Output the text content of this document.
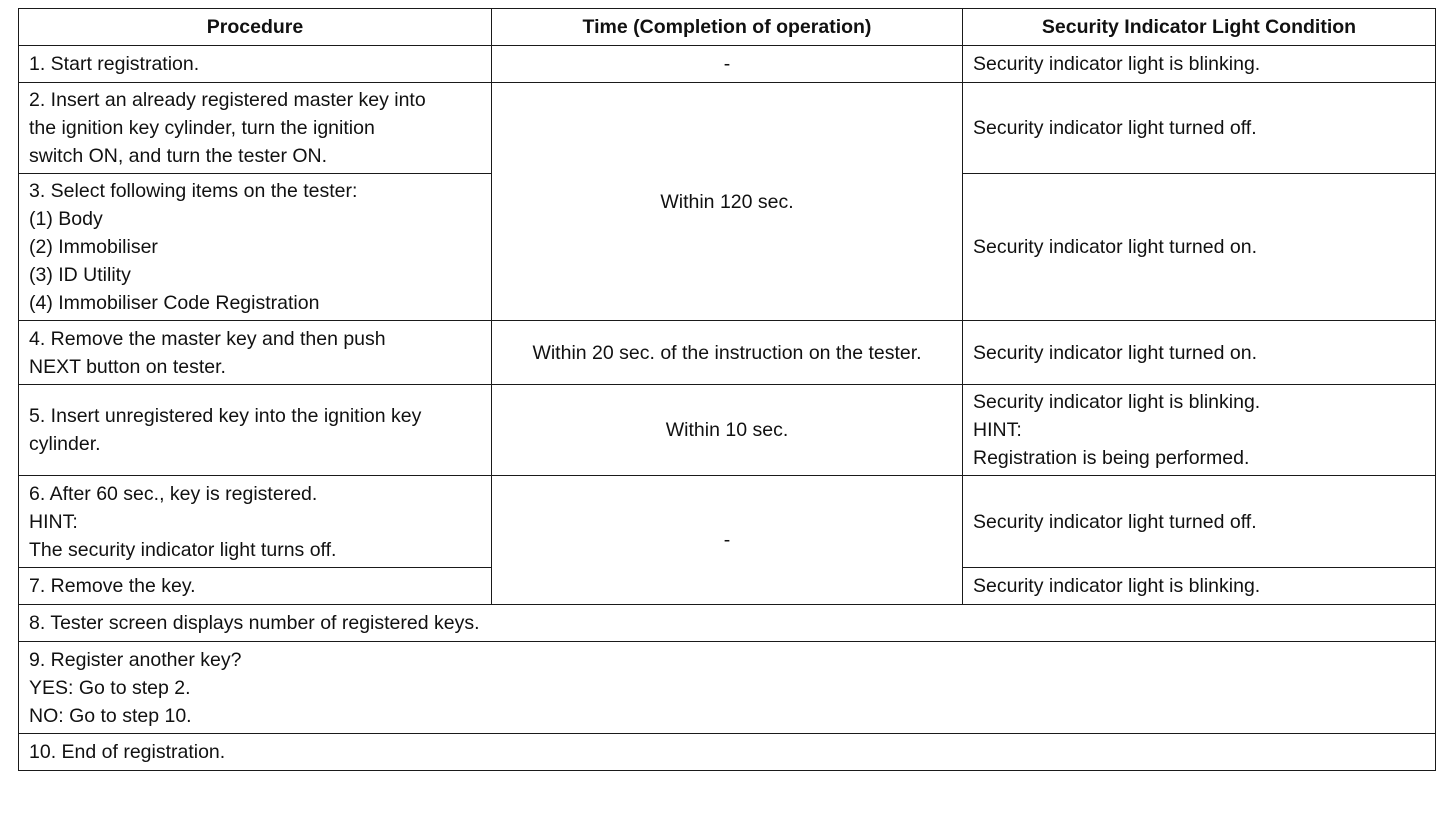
Procedure	Time (Completion of operation)	Security Indicator Light Condition

1. Start registration.	-	Security indicator light is blinking.

2. Insert an already registered master key into
the ignition key cylinder, turn the ignition
switch ON, and turn the tester ON.	Within 120 sec.	Security indicator light turned off.

3. Select following items on the tester:
(1) Body
(2) Immobiliser
(3) ID Utility
(4) Immobiliser Code Registration		Security indicator light turned on.

4. Remove the master key and then push
NEXT button on tester.	Within 20 sec. of the instruction on the tester.	Security indicator light turned on.

5. Insert unregistered key into the ignition key
cylinder.	Within 10 sec.	Security indicator light is blinking.
HINT:
Registration is being performed.

6. After 60 sec., key is registered.
HINT:
The security indicator light turns off.	-	Security indicator light turned off.

7. Remove the key.		Security indicator light is blinking.

8. Tester screen displays number of registered keys.		

9. Register another key?
YES: Go to step 2.
NO: Go to step 10.		

10. End of registration.		
